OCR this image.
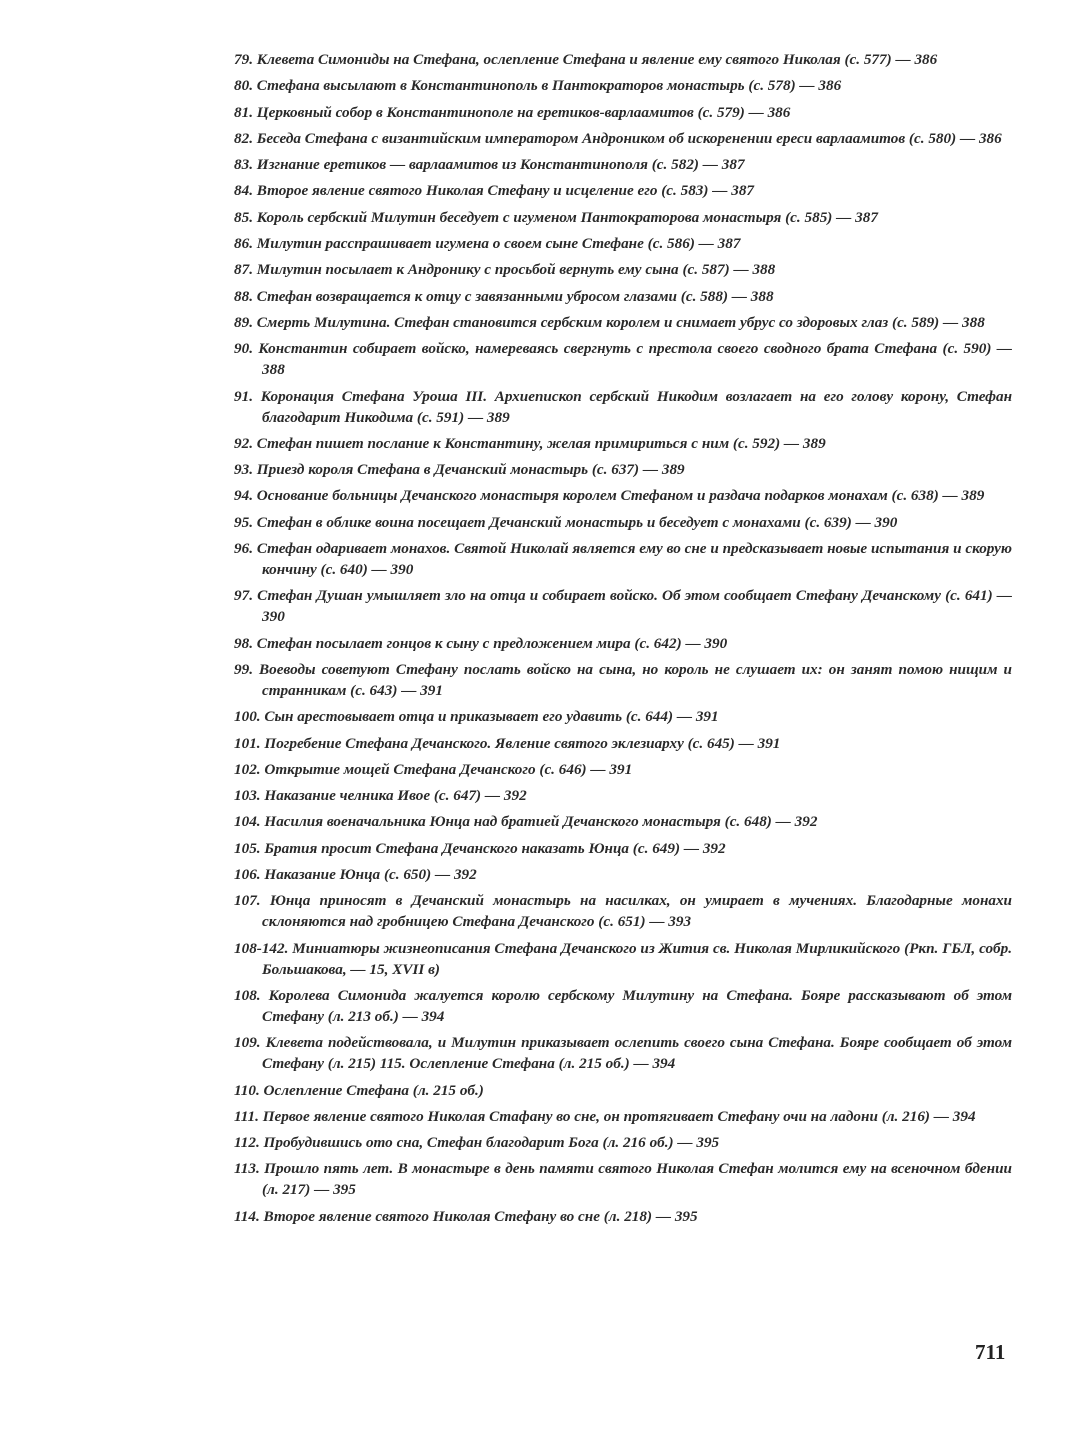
79. Клевета Симониды на Стефана, ослепление Стефана и явление ему святого Николая (с. 577) — 386

80. Стефана высылают в Константинополь в Пантократоров монастырь (с. 578) — 386

81. Церковный собор в Константинополе на еретиков-варлаамитов (с. 579) — 386

82. Беседа Стефана с византийским императором Андроником об искоренении ереси варлаамитов (с. 580) — 386

83. Изгнание еретиков — варлаамитов из Константинополя (с. 582) — 387

84. Второе явление святого Николая Стефану и исцеление его (с. 583) — 387

85. Король сербский Милутин беседует с игуменом Пантократорова монастыря (с. 585) — 387

86. Милутин расспрашивает игумена о своем сыне Стефане (с. 586) — 387

87. Милутин посылает к Андронику с просьбой вернуть ему сына (с. 587) — 388

88. Стефан возвращается к отцу с завязанными убросом глазами (с. 588) — 388

89. Смерть Милутина. Стефан становится сербским королем и снимает убрус со здоровых глаз (с. 589) — 388

90. Константин собирает войско, намереваясь свергнуть с престола своего сводного брата Стефана (с. 590) — 388

91. Коронация Стефана Уроша III. Архиепископ сербский Никодим возлагает на его голову корону, Стефан благодарит Никодима (с. 591) — 389

92. Стефан пишет послание к Константину, желая примириться с ним (с. 592) — 389

93. Приезд короля Стефана в Дечанский монастырь (с. 637) — 389

94. Основание больницы Дечанского монастыря королем Стефаном и раздача подарков монахам (с. 638) — 389

95. Стефан в облике воина посещает Дечанский монастырь и беседует с монахами (с. 639) — 390

96. Стефан одаривает монахов. Святой Николай является ему во сне и предсказывает новые испытания и скорую кончину (с. 640) — 390

97. Стефан Душан умышляет зло на отца и собирает войско. Об этом сообщает Стефану Дечанскому (с. 641) — 390

98. Стефан посылает гонцов к сыну с предложением мира (с. 642) — 390

99. Воеводы советуют Стефану послать войско на сына, но король не слушает их: он занят помою нищим и странникам (с. 643) — 391

100. Сын арестовывает отца и приказывает его удавить (с. 644) — 391

101. Погребение Стефана Дечанского. Явление святого эклезиарху (с. 645) — 391

102. Открытие мощей Стефана Дечанского (с. 646) — 391

103. Наказание челника Ивое (с. 647) — 392

104. Насилия военачальника Юнца над братией Дечанского монастыря (с. 648) — 392

105. Братия просит Стефана Дечанского наказать Юнца (с. 649) — 392

106. Наказание Юнца (с. 650) — 392

107. Юнца приносят в Дечанский монастырь на насилках, он умирает в мучениях. Благодарные монахи склоняются над гробницею Стефана Дечанского (с. 651) — 393

108-142. Миниатюры жизнеописания Стефана Дечанского из Жития св. Николая Мирликийского (Ркп. ГБЛ, собр. Большакова, — 15, XVII в)

108. Королева Симонида жалуется королю сербскому Милутину на Стефана. Бояре рассказывают об этом Стефану (л. 213 об.) — 394

109. Клевета подействовала, и Милутин приказывает ослепить своего сына Стефана. Бояре сообщает об этом Стефану (л. 215) 115. Ослепление Стефана (л. 215 об.) — 394

110. Ослепление Стефана (л. 215 об.)

111. Первое явление святого Николая Стафану во сне, он протягивает Стефану очи на ладони (л. 216) — 394

112. Пробудившись ото сна, Стефан благодарит Бога (л. 216 об.) — 395

113. Прошло пять лет. В монастыре в день памяти святого Николая Стефан молится ему на всеночном бдении (л. 217) — 395

114. Второе явление святого Николая Стефану во сне (л. 218) — 395

711
